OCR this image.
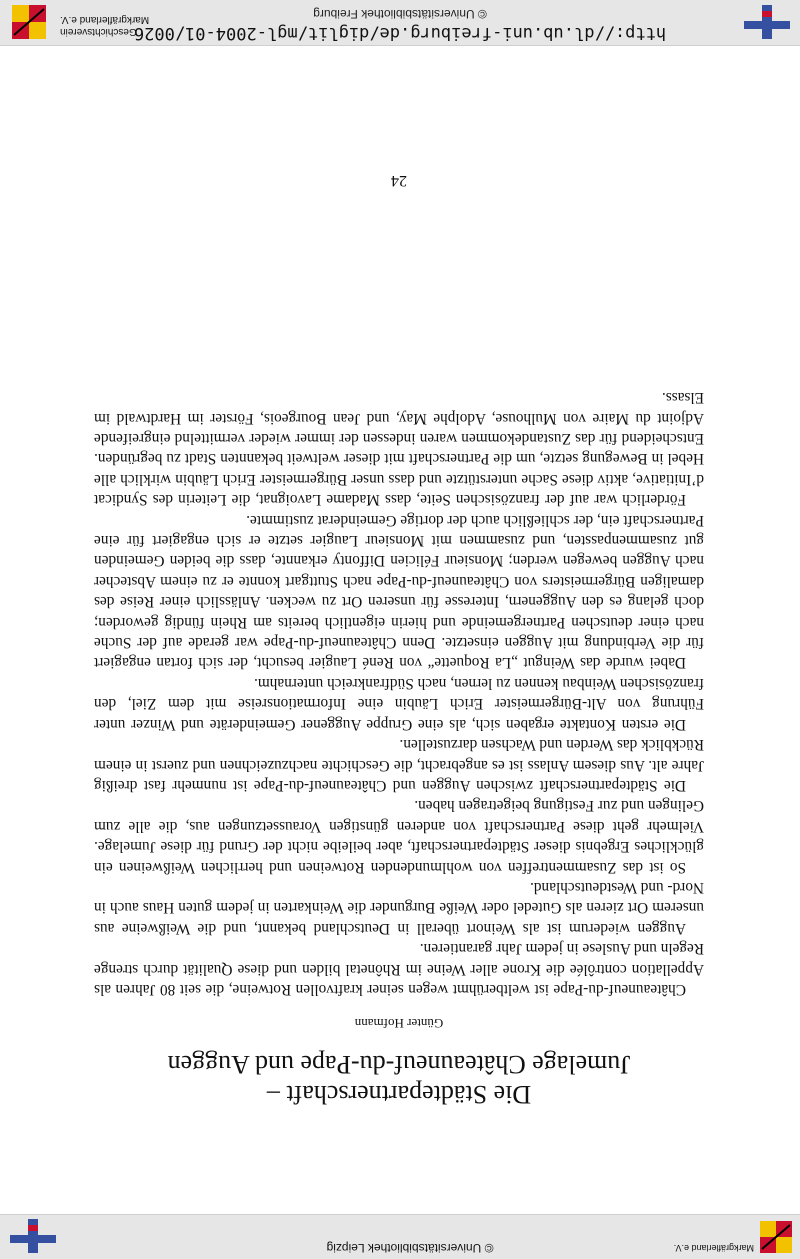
Markgräflerland e.V.
© Universitätsbibliothek Leipzig
Die Städtepartnerschaft –
Jumelage Châteauneuf-du-Pape und Auggen
Günter Hofmann

Châteauneuf-du-Pape ist weltberühmt wegen seiner kraftvollen Rotweine, die seit 80 Jahren als Appellation contrôlée die Krone aller Weine im Rhônetal bilden und diese Qualität durch strenge Regeln und Auslese in jedem Jahr garantieren.

Auggen wiederum ist als Weinort überall in Deutschland bekannt, und die Weißweine aus unserem Ort zieren als Gutedel oder Weiße Burgunder die Weinkarten in jedem guten Haus auch in Nord- und Westdeutschland.

So ist das Zusammentreffen von wohlmundenden Rotweinen und herrlichen Weißweinen ein glückliches Ergebnis dieser Städtepartnerschaft, aber beileibe nicht der Grund für diese Jumelage. Vielmehr geht diese Partnerschaft von anderen günstigen Voraussetzungen aus, die alle zum Gelingen und zur Festigung beigetragen haben.

Die Städtepartnerschaft zwischen Auggen und Châteauneuf-du-Pape ist nunmehr fast dreißig Jahre alt. Aus diesem Anlass ist es angebracht, die Geschichte nachzuzeichnen und zuerst in einem Rückblick das Werden und Wachsen darzustellen.

Die ersten Kontakte ergaben sich, als eine Gruppe Auggener Gemeinderäte und Winzer unter Führung von Alt-Bürgermeister Erich Läubin eine Informationsreise mit dem Ziel, den französischen Weinbau kennen zu lernen, nach Südfrankreich unternahm.

Dabei wurde das Weingut „La Roquette“ von René Laugier besucht, der sich fortan engagiert für die Verbindung mit Auggen einsetzte. Denn Châteauneuf-du-Pape war gerade auf der Suche nach einer deutschen Partnergemeinde und hierin eigentlich bereits am Rhein fündig geworden; doch gelang es den Auggenern, Interesse für unseren Ort zu wecken. Anlässlich einer Reise des damaligen Bürgermeisters von Châteauneuf-du-Pape nach Stuttgart konnte er zu einem Abstecher nach Auggen bewegen werden; Monsieur Félicien Diffonty erkannte, dass die beiden Gemeinden gut zusammenpassten, und zusammen mit Monsieur Laugier setzte er sich engagiert für eine Partnerschaft ein, der schließlich auch der dortige Gemeinderat zustimmte.

Förderlich war auf der französischen Seite, dass Madame Lavoignat, die Leiterin des Syndicat d’Initiative, aktiv diese Sache unterstützte und dass unser Bürgermeister Erich Läubin wirklich alle Hebel in Bewegung setzte, um die Partnerschaft mit dieser weltweit bekannten Stadt zu begründen. Entscheidend für das Zustandekommen waren indessen der immer wieder vermittelnd eingreifende Adjoint du Maire von Mulhouse, Adolphe May, und Jean Bourgeois, Förster im Hardtwald im Elsass.

24
http://dl.ub.uni-freiburg.de/diglit/mgl-2004-01/0026
© Universitätsbibliothek Freiburg
Geschichtsverein
Markgräflerland e.V.
